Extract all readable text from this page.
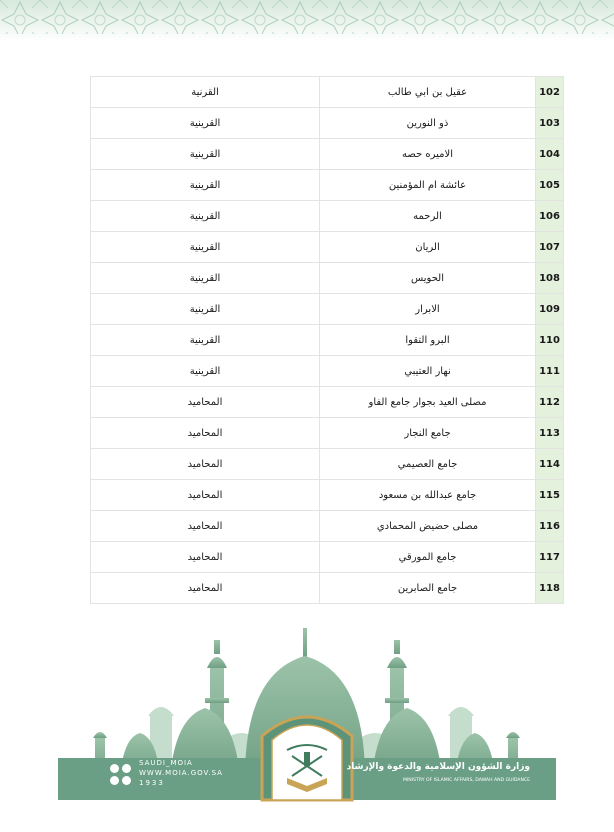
القرنية	عقيل بن ابي طالب	102
القرينية	ذو النورين	103
القرينية	الاميره حصه	104
القرينية	عائشة ام المؤمنين	105
القرينية	الرحمه	106
القرينية	الريان	107
القرينية	الحويس	108
القرينية	الابرار	109
القرينية	البرو التقوا	110
القرينية	نهار العتيبي	111
المحاميد	مصلى العيد بجوار جامع الفاو	112
المحاميد	جامع النجار	113
المحاميد	جامع العصيمي	114
المحاميد	جامع عبدالله بن مسعود	115
المحاميد	مصلى حضيض المحمادي	116
المحاميد	جامع المورقي	117
المحاميد	جامع الصابرين	118
SAUDI_MOIA
WWW.MOIA.GOV.SA
1933
وزارة الشؤون الإسلامية والدعوة والإرشاد
MINISTRY OF ISLAMIC AFFAIRS, DAWAH AND GUIDANCE
